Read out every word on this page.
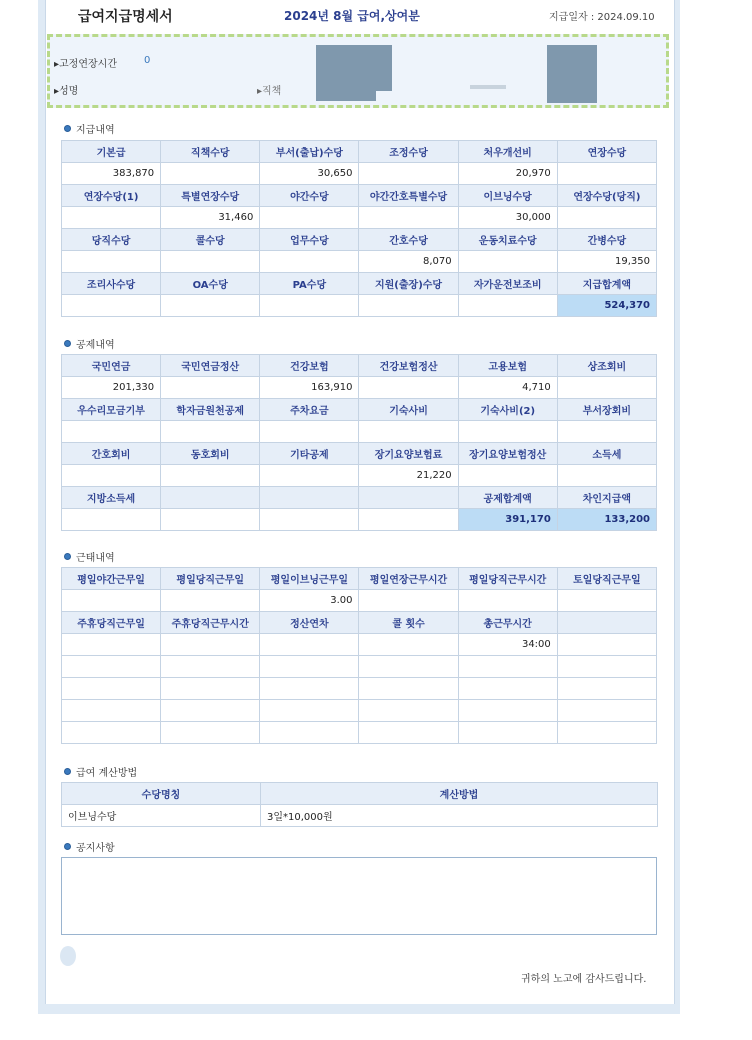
급여지급명세서	2024년 8월 급여,상여분	지급일자 : 2024.09.10
▸고정연장시간	0
▸성명	▸직책
지급내역
기본급	직책수당	부서(출납)수당	조정수당	처우개선비	연장수당
383,870		30,650		20,970	
연장수당(1)	특별연장수당	야간수당	야간간호특별수당	이브닝수당	연장수당(당직)
	31,460			30,000	
당직수당	콜수당	업무수당	간호수당	운동치료수당	간병수당
			8,070		19,350
조리사수당	OA수당	PA수당	지원(출장)수당	자가운전보조비	지급합계액
					524,370
공제내역
국민연금	국민연금정산	건강보험	건강보험정산	고용보험	상조회비
201,330		163,910		4,710	
우수리모금기부	학자금원천공제	주차요금	기숙사비	기숙사비(2)	부서장회비

간호회비	동호회비	기타공제	장기요양보험료	장기요양보험정산	소득세
			21,220		
지방소득세				공제합계액	차인지급액
				391,170	133,200
근태내역
평일야간근무일	평일당직근무일	평일이브닝근무일	평일연장근무시간	평일당직근무시간	토일당직근무일
		3.00			
주휴당직근무일	주휴당직근무시간	정산연차	콜 횟수	총근무시간	
				34:00	

급여 계산방법
수당명칭	계산방법
이브닝수당	3일*10,000원
공지사항
귀하의 노고에 감사드립니다.
